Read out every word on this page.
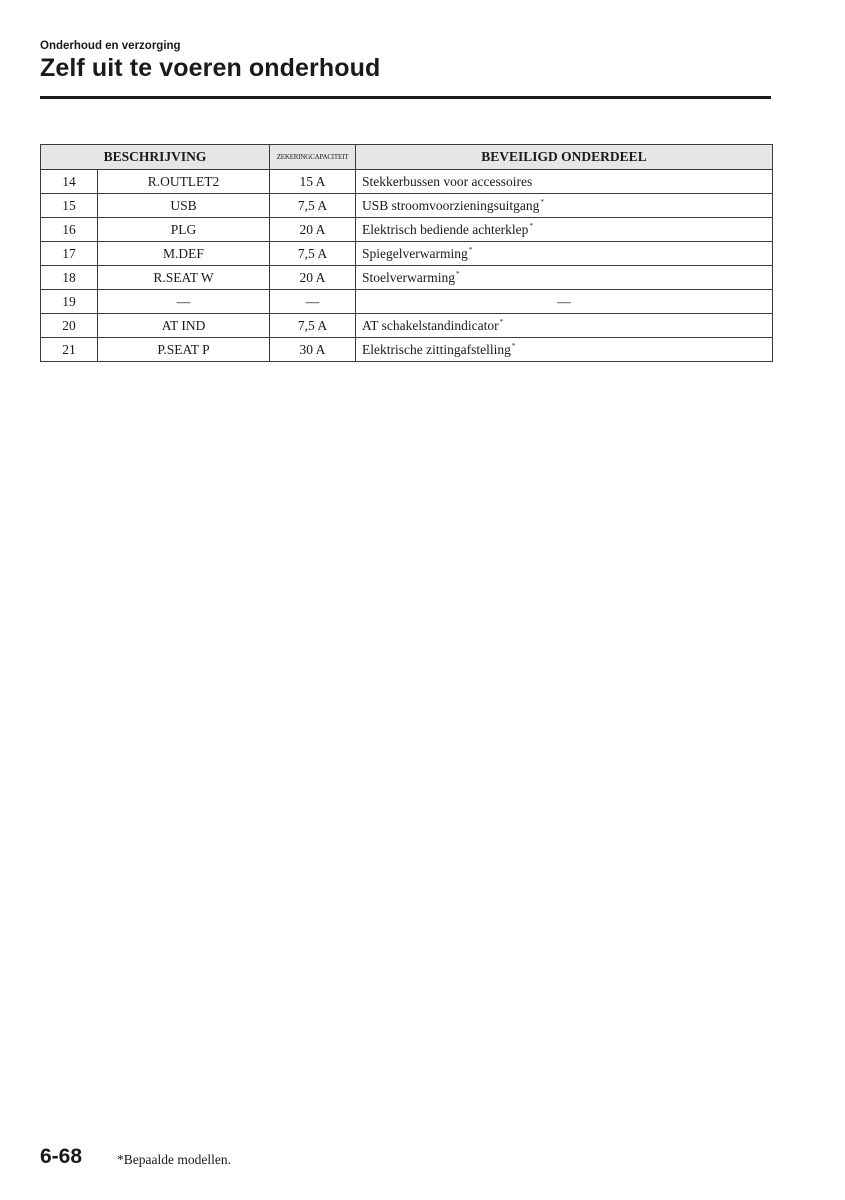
Onderhoud en verzorging
Zelf uit te voeren onderhoud
BESCHRIJVING		ZEKERINGCAPACITEIT	BEVEILIGD ONDERDEEL
14	R.OUTLET2	15 A	Stekkerbussen voor accessoires
15	USB	7,5 A	USB stroomvoorzieningsuitgang*
16	PLG	20 A	Elektrisch bediende achterklep*
17	M.DEF	7,5 A	Spiegelverwarming*
18	R.SEAT W	20 A	Stoelverwarming*
19	—	—	—
20	AT IND	7,5 A	AT schakelstandindicator*
21	P.SEAT P	30 A	Elektrische zittingafstelling*
6-68	*Bepaalde modellen.
